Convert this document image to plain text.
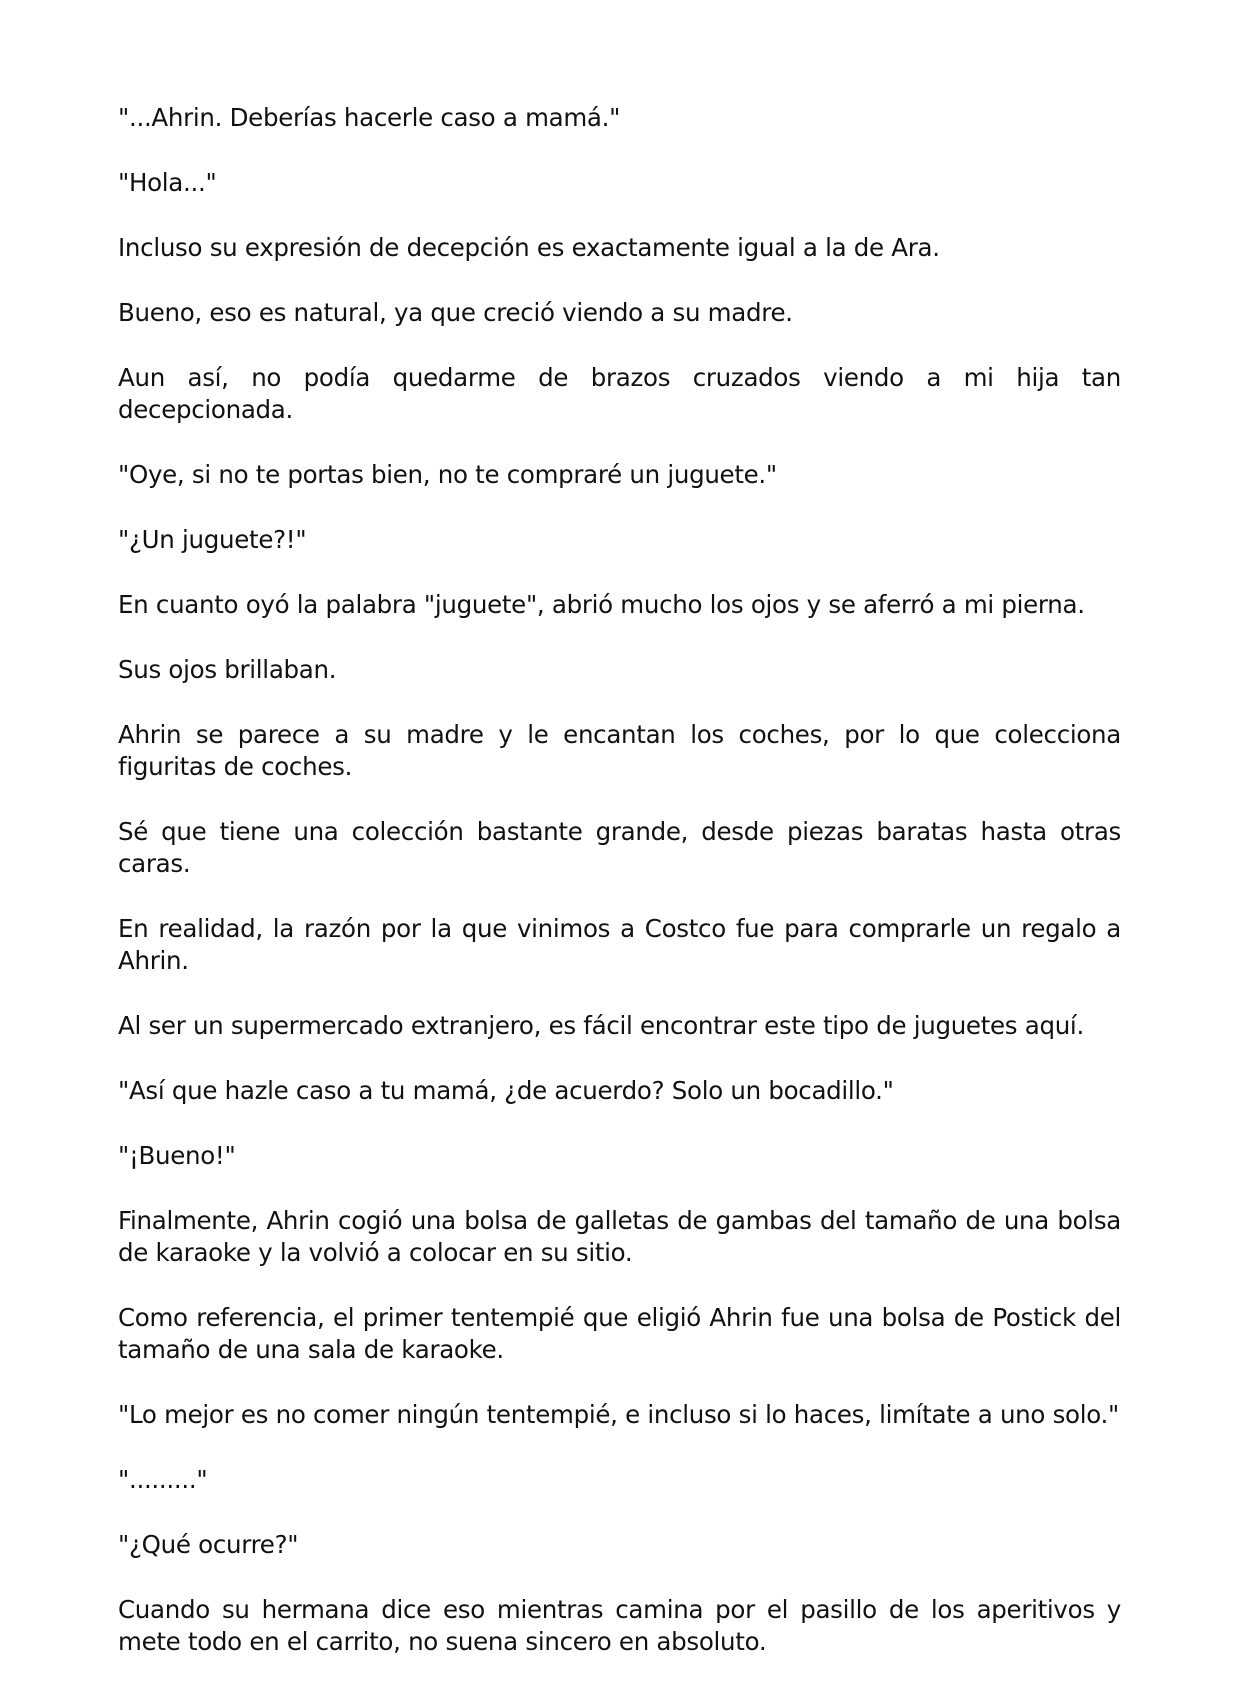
"...Ahrin. Deberías hacerle caso a mamá."

"Hola..."

Incluso su expresión de decepción es exactamente igual a la de Ara.

Bueno, eso es natural, ya que creció viendo a su madre.

Aun así, no podía quedarme de brazos cruzados viendo a mi hija tan decepcionada.

"Oye, si no te portas bien, no te compraré un juguete."

"¿Un juguete?!"

En cuanto oyó la palabra "juguete", abrió mucho los ojos y se aferró a mi pierna.

Sus ojos brillaban.

Ahrin se parece a su madre y le encantan los coches, por lo que colecciona figuritas de coches.

Sé que tiene una colección bastante grande, desde piezas baratas hasta otras caras.

En realidad, la razón por la que vinimos a Costco fue para comprarle un regalo a Ahrin.

Al ser un supermercado extranjero, es fácil encontrar este tipo de juguetes aquí.

"Así que hazle caso a tu mamá, ¿de acuerdo? Solo un bocadillo."

"¡Bueno!"

Finalmente, Ahrin cogió una bolsa de galletas de gambas del tamaño de una bolsa de karaoke y la volvió a colocar en su sitio.

Como referencia, el primer tentempié que eligió Ahrin fue una bolsa de Postick del tamaño de una sala de karaoke.

"Lo mejor es no comer ningún tentempié, e incluso si lo haces, limítate a uno solo."

"........."

"¿Qué ocurre?"

Cuando su hermana dice eso mientras camina por el pasillo de los aperitivos y mete todo en el carrito, no suena sincero en absoluto.
